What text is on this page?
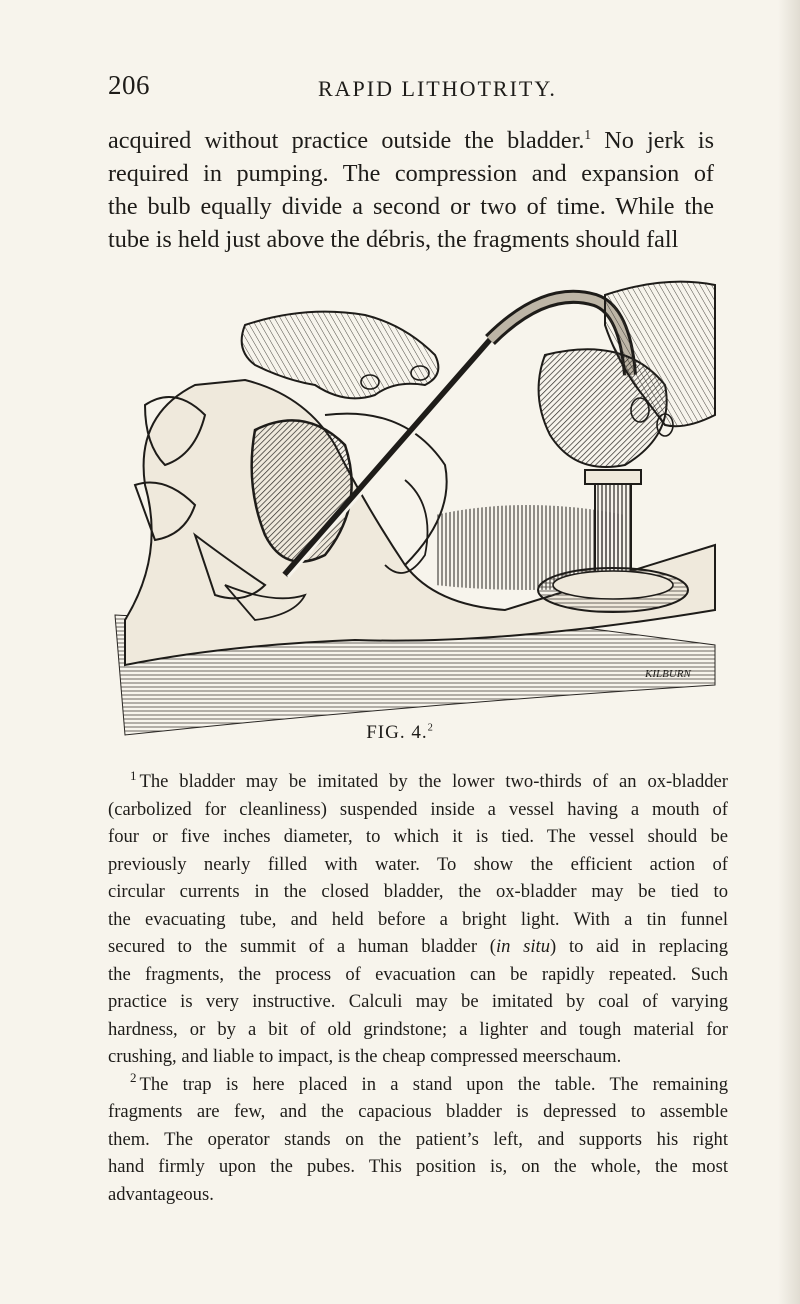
206	RAPID LITHOTRITY.
acquired without practice outside the bladder.$^1$ No jerk is
required in pumping. The compression and expansion of
the bulb equally divide a second or two of time. While the
tube is held just above the débris, the fragments should fall
KILBURN
FIG. 4.$^2$
$^1$ The bladder may be imitated by the lower two-thirds of an ox-bladder
(carbolized for cleanliness) suspended inside a vessel having a mouth of
four or five inches diameter, to which it is tied. The vessel should be
previously nearly filled with water. To show the efficient action of
circular currents in the closed bladder, the ox-bladder may be tied to
the evacuating tube, and held before a bright light. With a tin funnel
secured to the summit of a human bladder (in situ) to aid in replacing
the fragments, the process of evacuation can be rapidly repeated. Such
practice is very instructive. Calculi may be imitated by coal of varying
hardness, or by a bit of old grindstone; a lighter and tough material for
crushing, and liable to impact, is the cheap compressed meerschaum.
$^2$ The trap is here placed in a stand upon the table. The remaining
fragments are few, and the capacious bladder is depressed to assemble
them. The operator stands on the patient’s left, and supports his right
hand firmly upon the pubes. This position is, on the whole, the most
advantageous.
